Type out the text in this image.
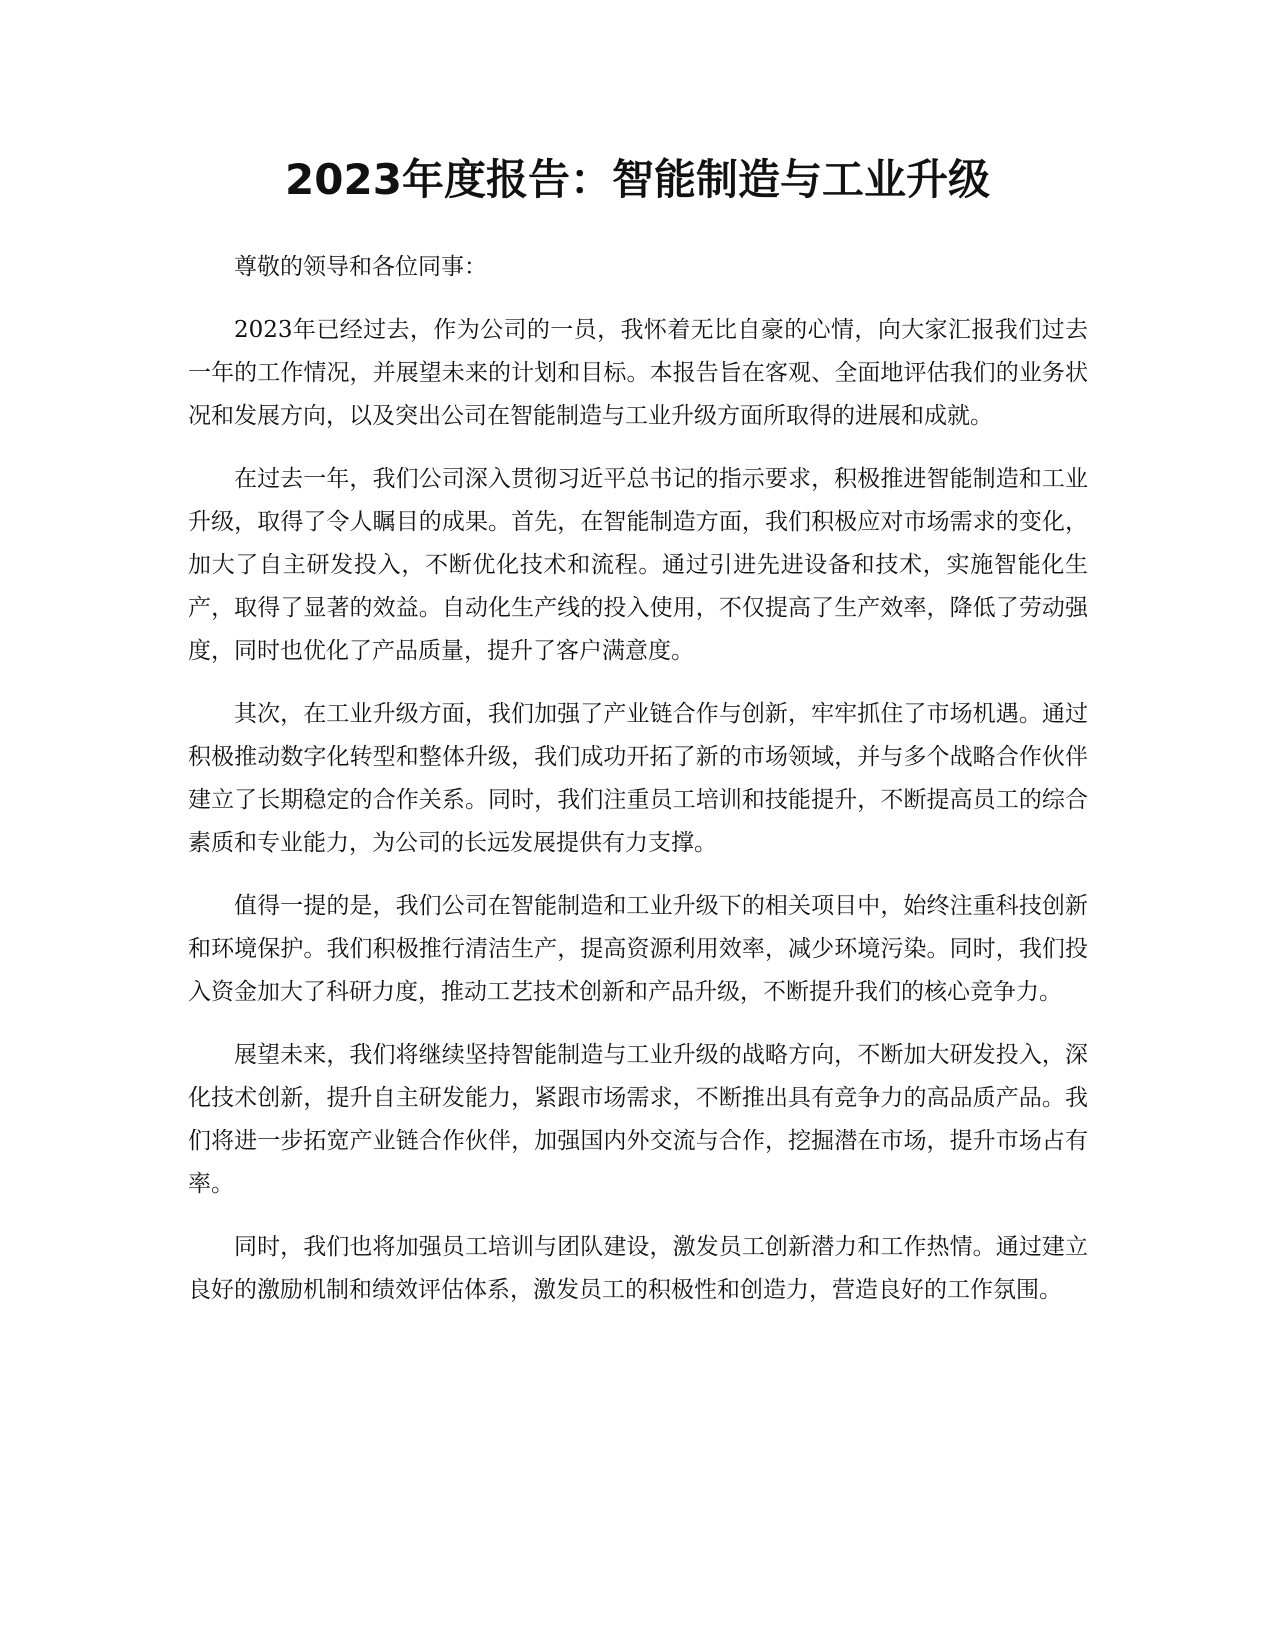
2023年度报告：智能制造与工业升级

尊敬的领导和各位同事：

2023年已经过去，作为公司的一员，我怀着无比自豪的心情，向大家汇报我们过去一年的工作情况，并展望未来的计划和目标。本报告旨在客观、全面地评估我们的业务状况和发展方向，以及突出公司在智能制造与工业升级方面所取得的进展和成就。

在过去一年，我们公司深入贯彻习近平总书记的指示要求，积极推进智能制造和工业升级，取得了令人瞩目的成果。首先，在智能制造方面，我们积极应对市场需求的变化，加大了自主研发投入，不断优化技术和流程。通过引进先进设备和技术，实施智能化生产，取得了显著的效益。自动化生产线的投入使用，不仅提高了生产效率，降低了劳动强度，同时也优化了产品质量，提升了客户满意度。

其次，在工业升级方面，我们加强了产业链合作与创新，牢牢抓住了市场机遇。通过积极推动数字化转型和整体升级，我们成功开拓了新的市场领域，并与多个战略合作伙伴建立了长期稳定的合作关系。同时，我们注重员工培训和技能提升，不断提高员工的综合素质和专业能力，为公司的长远发展提供有力支撑。

值得一提的是，我们公司在智能制造和工业升级下的相关项目中，始终注重科技创新和环境保护。我们积极推行清洁生产，提高资源利用效率，减少环境污染。同时，我们投入资金加大了科研力度，推动工艺技术创新和产品升级，不断提升我们的核心竞争力。

展望未来，我们将继续坚持智能制造与工业升级的战略方向，不断加大研发投入，深化技术创新，提升自主研发能力，紧跟市场需求，不断推出具有竞争力的高品质产品。我们将进一步拓宽产业链合作伙伴，加强国内外交流与合作，挖掘潜在市场，提升市场占有率。

同时，我们也将加强员工培训与团队建设，激发员工创新潜力和工作热情。通过建立良好的激励机制和绩效评估体系，激发员工的积极性和创造力，营造良好的工作氛围。
